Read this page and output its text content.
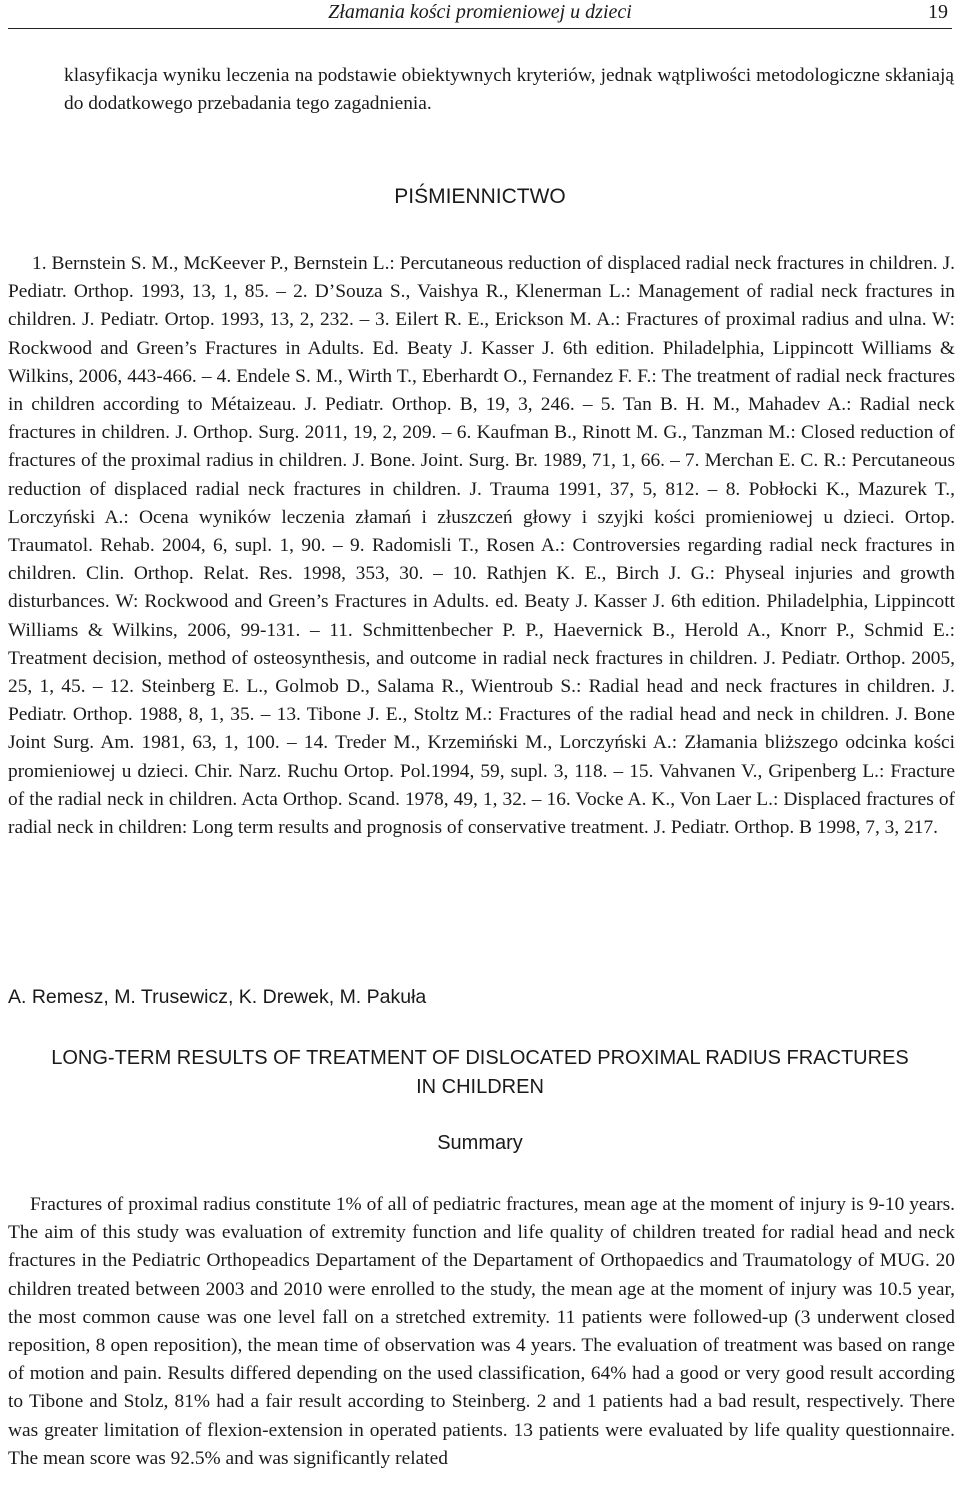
Złamania kości promieniowej u dzieci	19

klasyfikacja wyniku leczenia na podstawie obiektywnych kryteriów, jednak wątpliwości metodologiczne skłaniają do dodatkowego przebadania tego zagadnienia.

PIŚMIENNICTWO

1. Bernstein S. M., McKeever P., Bernstein L.: Percutaneous reduction of displaced radial neck fractures in children. J. Pediatr. Orthop. 1993, 13, 1, 85. – 2. D’Souza S., Vaishya R., Klenerman L.: Management of radial neck fractures in children. J. Pediatr. Ortop. 1993, 13, 2, 232. – 3. Eilert R. E., Erickson M. A.: Fractures of proximal radius and ulna. W: Rockwood and Green’s Fractures in Adults. Ed. Beaty J. Kasser J. 6th edition. Philadelphia, Lippincott Williams & Wilkins, 2006, 443-466. – 4. Endele S. M., Wirth T., Eberhardt O., Fernandez F. F.: The treatment of radial neck fractures in children according to Métaizeau. J. Pediatr. Orthop. B, 19, 3, 246. – 5. Tan B. H. M., Mahadev A.: Radial neck fractures in children. J. Orthop. Surg. 2011, 19, 2, 209. – 6. Kaufman B., Rinott M. G., Tanzman M.: Closed reduction of fractures of the proximal radius in children. J. Bone. Joint. Surg. Br. 1989, 71, 1, 66. – 7. Merchan E. C. R.: Percutaneous reduction of displaced radial neck fractures in children. J. Trauma 1991, 37, 5, 812. – 8. Pobłocki K., Mazurek T., Lorczyński A.: Ocena wyników leczenia złamań i złuszczeń głowy i szyjki kości promieniowej u dzieci. Ortop. Traumatol. Rehab. 2004, 6, supl. 1, 90. – 9. Radomisli T., Rosen A.: Controversies regarding radial neck fractures in children. Clin. Orthop. Relat. Res. 1998, 353, 30. – 10. Rathjen K. E., Birch J. G.: Physeal injuries and growth disturbances. W: Rockwood and Green’s Fractures in Adults. ed. Beaty J. Kasser J. 6th edition. Philadelphia, Lippincott Williams & Wilkins, 2006, 99-131. – 11. Schmittenbecher P. P., Haevernick B., Herold A., Knorr P., Schmid E.: Treatment decision, method of osteosynthesis, and outcome in radial neck fractures in children. J. Pediatr. Orthop. 2005, 25, 1, 45. – 12. Steinberg E. L., Golmob D., Salama R., Wientroub S.: Radial head and neck fractures in children. J. Pediatr. Orthop. 1988, 8, 1, 35. – 13. Tibone J. E., Stoltz M.: Fractures of the radial head and neck in children. J. Bone Joint Surg. Am. 1981, 63, 1, 100. – 14. Treder M., Krzemiński M., Lorczyński A.: Złamania bliższego odcinka kości promieniowej u dzieci. Chir. Narz. Ruchu Ortop. Pol.1994, 59, supl. 3, 118. – 15. Vahvanen V., Gripenberg L.: Fracture of the radial neck in children. Acta Orthop. Scand. 1978, 49, 1, 32. – 16. Vocke A. K., Von Laer L.: Displaced fractures of radial neck in children: Long term results and prognosis of conservative treatment. J. Pediatr. Orthop. B 1998, 7, 3, 217.

A. Remesz, M. Trusewicz, K. Drewek, M. Pakuła
LONG-TERM RESULTS OF TREATMENT OF DISLOCATED PROXIMAL RADIUS FRACTURES
IN CHILDREN
Summary

Fractures of proximal radius constitute 1% of all of pediatric fractures, mean age at the moment of injury is 9-10 years. The aim of this study was evaluation of extremity function and life quality of children treated for radial head and neck fractures in the Pediatric Orthopeadics Departament of the Departament of Orthopaedics and Traumatology of MUG. 20 children treated between 2003 and 2010 were enrolled to the study, the mean age at the moment of injury was 10.5 year, the most common cause was one level fall on a stretched extremity. 11 patients were followed-up (3 underwent closed reposition, 8 open reposition), the mean time of observation was 4 years. The evaluation of treatment was based on range of motion and pain. Results differed depending on the used classification, 64% had a good or very good result according to Tibone and Stolz, 81% had a fair result according to Steinberg. 2 and 1 patients had a bad result, respectively. There was greater limitation of flexion-extension in operated patients. 13 patients were evaluated by life quality questionnaire. The mean score was 92.5% and was significantly related
